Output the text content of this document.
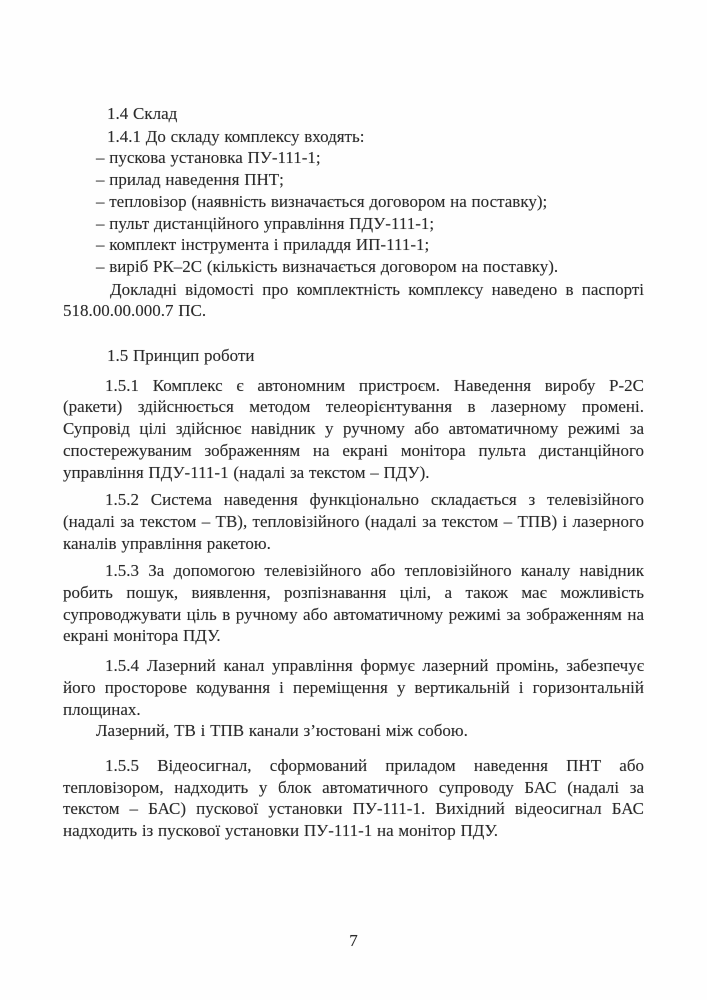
1.4 Склад

1.4.1 До складу комплексу входять:

– пускова установка ПУ-111-1;
– прилад наведення ПНТ;
– тепловізор (наявність визначається договором на поставку);
– пульт дистанційного управління ПДУ-111-1;
– комплект інструмента і приладдя ИП-111-1;
– виріб РК–2С (кількість визначається договором на поставку).

Докладні відомості про комплектність комплексу наведено в паспорті 518.00.00.000.7 ПС.

1.5 Принцип роботи

1.5.1 Комплекс є автономним пристроєм. Наведення виробу Р-2С (ракети) здійснюється методом телеорієнтування в лазерному промені. Супровід цілі здійснює навідник у ручному або автоматичному режимі за спостережуваним зображенням на екрані монітора пульта дистанційного управління ПДУ-111-1 (надалі за текстом – ПДУ).

1.5.2 Система наведення функціонально складається з телевізійного (надалі за текстом – ТВ), тепловізійного (надалі за текстом – ТПВ) і лазерного каналів управління ракетою.

1.5.3 За допомогою телевізійного або тепловізійного каналу навідник робить пошук, виявлення, розпізнавання цілі, а також має можливість супроводжувати ціль в ручному або автоматичному режимі за зображенням на екрані монітора ПДУ.

1.5.4 Лазерний канал управління формує лазерний промінь, забезпечує його просторове кодування і переміщення у вертикальній і горизонтальній площинах.

Лазерний, ТВ і ТПВ канали з’юстовані між собою.

1.5.5 Відеосигнал, сформований приладом наведення ПНТ або тепловізором, надходить у блок автоматичного супроводу БАС (надалі за текстом – БАС) пускової установки ПУ-111-1. Вихідний відеосигнал БАС надходить із пускової установки ПУ-111-1 на монітор ПДУ.

7
